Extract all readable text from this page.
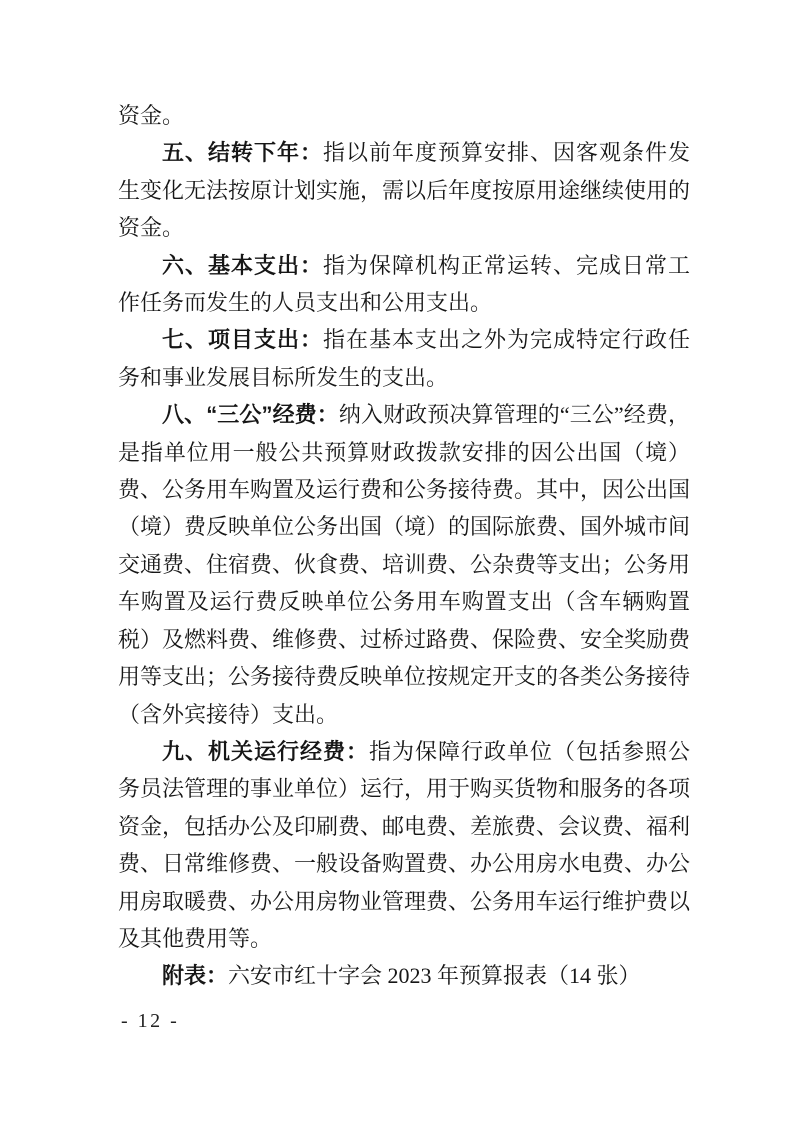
资金。

五、结转下年：指以前年度预算安排、因客观条件发生变化无法按原计划实施，需以后年度按原用途继续使用的资金。

六、基本支出：指为保障机构正常运转、完成日常工作任务而发生的人员支出和公用支出。

七、项目支出：指在基本支出之外为完成特定行政任务和事业发展目标所发生的支出。

八、“三公”经费：纳入财政预决算管理的“三公”经费，是指单位用一般公共预算财政拨款安排的因公出国（境）费、公务用车购置及运行费和公务接待费。其中，因公出国（境）费反映单位公务出国（境）的国际旅费、国外城市间交通费、住宿费、伙食费、培训费、公杂费等支出；公务用车购置及运行费反映单位公务用车购置支出（含车辆购置税）及燃料费、维修费、过桥过路费、保险费、安全奖励费用等支出；公务接待费反映单位按规定开支的各类公务接待（含外宾接待）支出。

九、机关运行经费：指为保障行政单位（包括参照公务员法管理的事业单位）运行，用于购买货物和服务的各项资金，包括办公及印刷费、邮电费、差旅费、会议费、福利费、日常维修费、一般设备购置费、办公用房水电费、办公用房取暖费、办公用房物业管理费、公务用车运行维护费以及其他费用等。

附表：六安市红十字会 2023 年预算报表（14 张）

- 12 -
